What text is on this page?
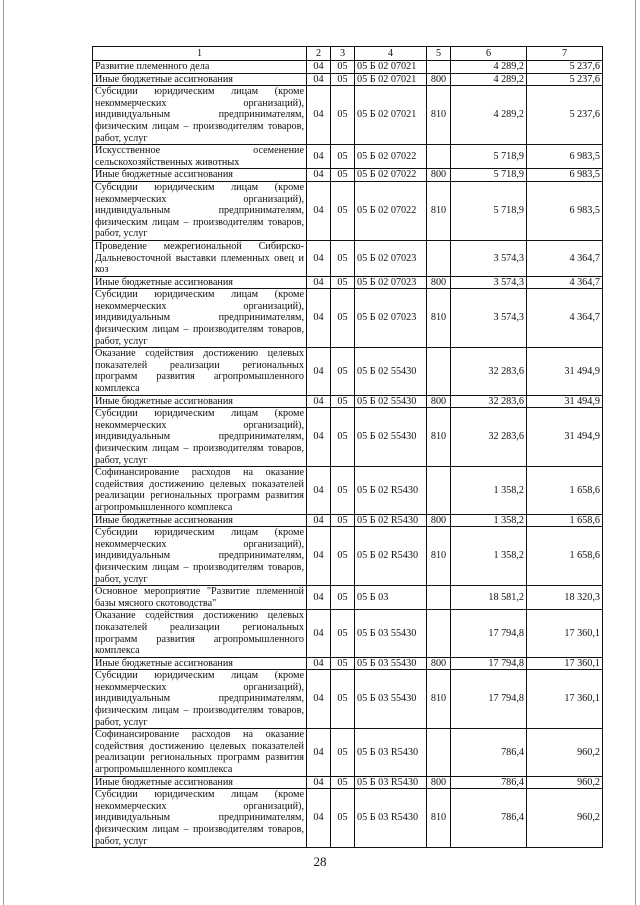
1	2	3	4	5	6	7
Развитие племенного дела	04	05	05 Б 02 07021		4 289,2	5 237,6
Иные бюджетные ассигнования	04	05	05 Б 02 07021	800	4 289,2	5 237,6
Субсидии юридическим лицам (кроме некоммерческих организаций), индивидуальным предпринимателям, физическим лицам – производителям товаров, работ, услуг	04	05	05 Б 02 07021	810	4 289,2	5 237,6
Искусственное осеменение сельскохозяйственных животных	04	05	05 Б 02 07022		5 718,9	6 983,5
Иные бюджетные ассигнования	04	05	05 Б 02 07022	800	5 718,9	6 983,5
Субсидии юридическим лицам (кроме некоммерческих организаций), индивидуальным предпринимателям, физическим лицам – производителям товаров, работ, услуг	04	05	05 Б 02 07022	810	5 718,9	6 983,5
Проведение межрегиональной Сибирско-Дальневосточной выставки племенных овец и коз	04	05	05 Б 02 07023		3 574,3	4 364,7
Иные бюджетные ассигнования	04	05	05 Б 02 07023	800	3 574,3	4 364,7
Субсидии юридическим лицам (кроме некоммерческих организаций), индивидуальным предпринимателям, физическим лицам – производителям товаров, работ, услуг	04	05	05 Б 02 07023	810	3 574,3	4 364,7
Оказание содействия достижению целевых показателей реализации региональных программ развития агропромышленного комплекса	04	05	05 Б 02 55430		32 283,6	31 494,9
Иные бюджетные ассигнования	04	05	05 Б 02 55430	800	32 283,6	31 494,9
Субсидии юридическим лицам (кроме некоммерческих организаций), индивидуальным предпринимателям, физическим лицам – производителям товаров, работ, услуг	04	05	05 Б 02 55430	810	32 283,6	31 494,9
Софинансирование расходов на оказание содействия достижению целевых показателей реализации региональных программ развития агропромышленного комплекса	04	05	05 Б 02 R5430		1 358,2	1 658,6
Иные бюджетные ассигнования	04	05	05 Б 02 R5430	800	1 358,2	1 658,6
Субсидии юридическим лицам (кроме некоммерческих организаций), индивидуальным предпринимателям, физическим лицам – производителям товаров, работ, услуг	04	05	05 Б 02 R5430	810	1 358,2	1 658,6
Основное мероприятие "Развитие племенной базы мясного скотоводства"	04	05	05 Б 03		18 581,2	18 320,3
Оказание содействия достижению целевых показателей реализации региональных программ развития агропромышленного комплекса	04	05	05 Б 03 55430		17 794,8	17 360,1
Иные бюджетные ассигнования	04	05	05 Б 03 55430	800	17 794,8	17 360,1
Субсидии юридическим лицам (кроме некоммерческих организаций), индивидуальным предпринимателям, физическим лицам – производителям товаров, работ, услуг	04	05	05 Б 03 55430	810	17 794,8	17 360,1
Софинансирование расходов на оказание содействия достижению целевых показателей реализации региональных программ развития агропромышленного комплекса	04	05	05 Б 03 R5430		786,4	960,2
Иные бюджетные ассигнования	04	05	05 Б 03 R5430	800	786,4	960,2
Субсидии юридическим лицам (кроме некоммерческих организаций), индивидуальным предпринимателям, физическим лицам – производителям товаров, работ, услуг	04	05	05 Б 03 R5430	810	786,4	960,2
28
